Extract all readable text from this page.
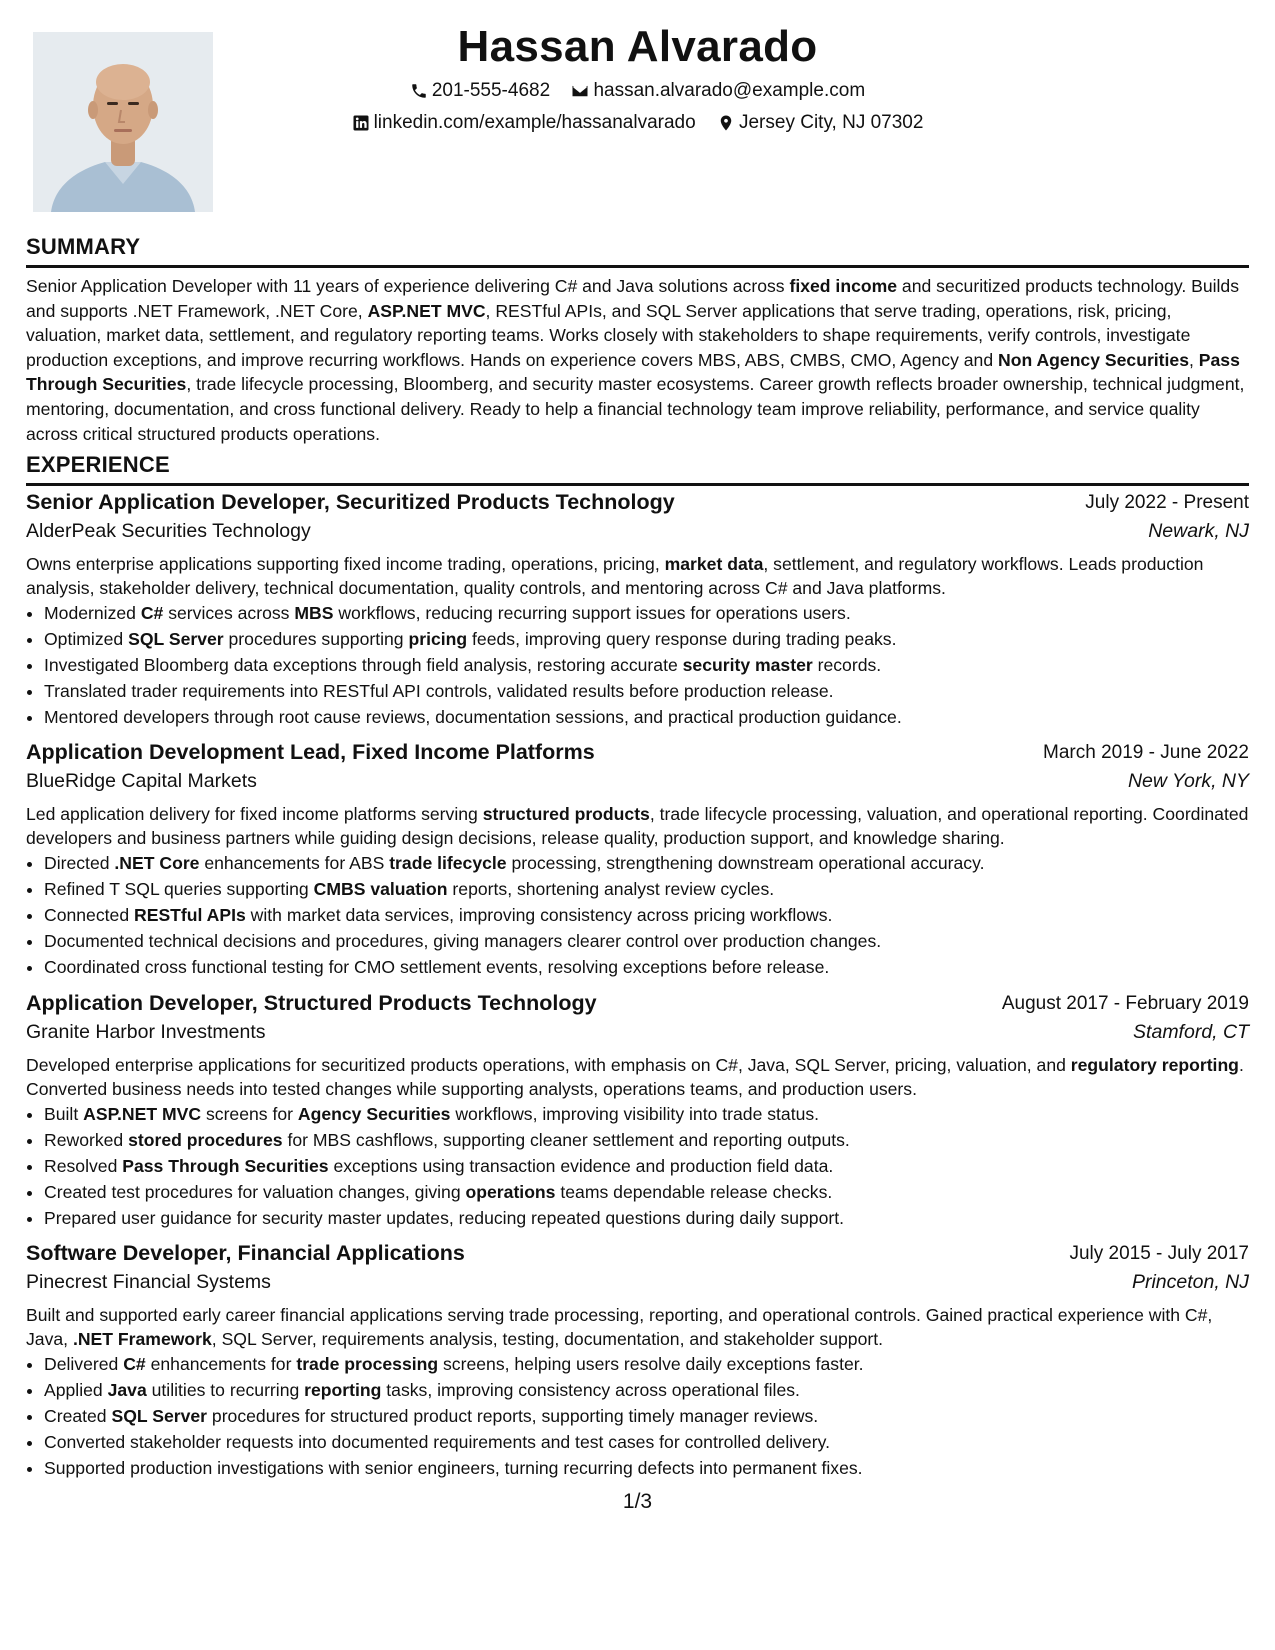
Hassan Alvarado
201-555-4682
hassan.alvarado@example.com
linkedin.com/example/hassanalvarado
Jersey City, NJ 07302
SUMMARY

Senior Application Developer with 11 years of experience delivering C# and Java solutions across fixed income and securitized products technology. Builds and supports .NET Framework, .NET Core, ASP.NET MVC, RESTful APIs, and SQL Server applications that serve trading, operations, risk, pricing, valuation, market data, settlement, and regulatory reporting teams. Works closely with stakeholders to shape requirements, verify controls, investigate production exceptions, and improve recurring workflows. Hands on experience covers MBS, ABS, CMBS, CMO, Agency and Non Agency Securities, Pass Through Securities, trade lifecycle processing, Bloomberg, and security master ecosystems. Career growth reflects broader ownership, technical judgment, mentoring, documentation, and cross functional delivery. Ready to help a financial technology team improve reliability, performance, and service quality across critical structured products operations.

EXPERIENCE
Senior Application Developer, Securitized Products Technology	July 2022 - Present
AlderPeak Securities Technology	Newark, NJ

Owns enterprise applications supporting fixed income trading, operations, pricing, market data, settlement, and regulatory workflows. Leads production analysis, stakeholder delivery, technical documentation, quality controls, and mentoring across C# and Java platforms.

• Modernized C# services across MBS workflows, reducing recurring support issues for operations users.
• Optimized SQL Server procedures supporting pricing feeds, improving query response during trading peaks.
• Investigated Bloomberg data exceptions through field analysis, restoring accurate security master records.
• Translated trader requirements into RESTful API controls, validated results before production release.
• Mentored developers through root cause reviews, documentation sessions, and practical production guidance.
Application Development Lead, Fixed Income Platforms	March 2019 - June 2022
BlueRidge Capital Markets	New York, NY

Led application delivery for fixed income platforms serving structured products, trade lifecycle processing, valuation, and operational reporting. Coordinated developers and business partners while guiding design decisions, release quality, production support, and knowledge sharing.

• Directed .NET Core enhancements for ABS trade lifecycle processing, strengthening downstream operational accuracy.
• Refined T SQL queries supporting CMBS valuation reports, shortening analyst review cycles.
• Connected RESTful APIs with market data services, improving consistency across pricing workflows.
• Documented technical decisions and procedures, giving managers clearer control over production changes.
• Coordinated cross functional testing for CMO settlement events, resolving exceptions before release.
Application Developer, Structured Products Technology	August 2017 - February 2019
Granite Harbor Investments	Stamford, CT

Developed enterprise applications for securitized products operations, with emphasis on C#, Java, SQL Server, pricing, valuation, and regulatory reporting. Converted business needs into tested changes while supporting analysts, operations teams, and production users.

• Built ASP.NET MVC screens for Agency Securities workflows, improving visibility into trade status.
• Reworked stored procedures for MBS cashflows, supporting cleaner settlement and reporting outputs.
• Resolved Pass Through Securities exceptions using transaction evidence and production field data.
• Created test procedures for valuation changes, giving operations teams dependable release checks.
• Prepared user guidance for security master updates, reducing repeated questions during daily support.
Software Developer, Financial Applications	July 2015 - July 2017
Pinecrest Financial Systems	Princeton, NJ

Built and supported early career financial applications serving trade processing, reporting, and operational controls. Gained practical experience with C#, Java, .NET Framework, SQL Server, requirements analysis, testing, documentation, and stakeholder support.

• Delivered C# enhancements for trade processing screens, helping users resolve daily exceptions faster.
• Applied Java utilities to recurring reporting tasks, improving consistency across operational files.
• Created SQL Server procedures for structured product reports, supporting timely manager reviews.
• Converted stakeholder requests into documented requirements and test cases for controlled delivery.
• Supported production investigations with senior engineers, turning recurring defects into permanent fixes.
1/3
